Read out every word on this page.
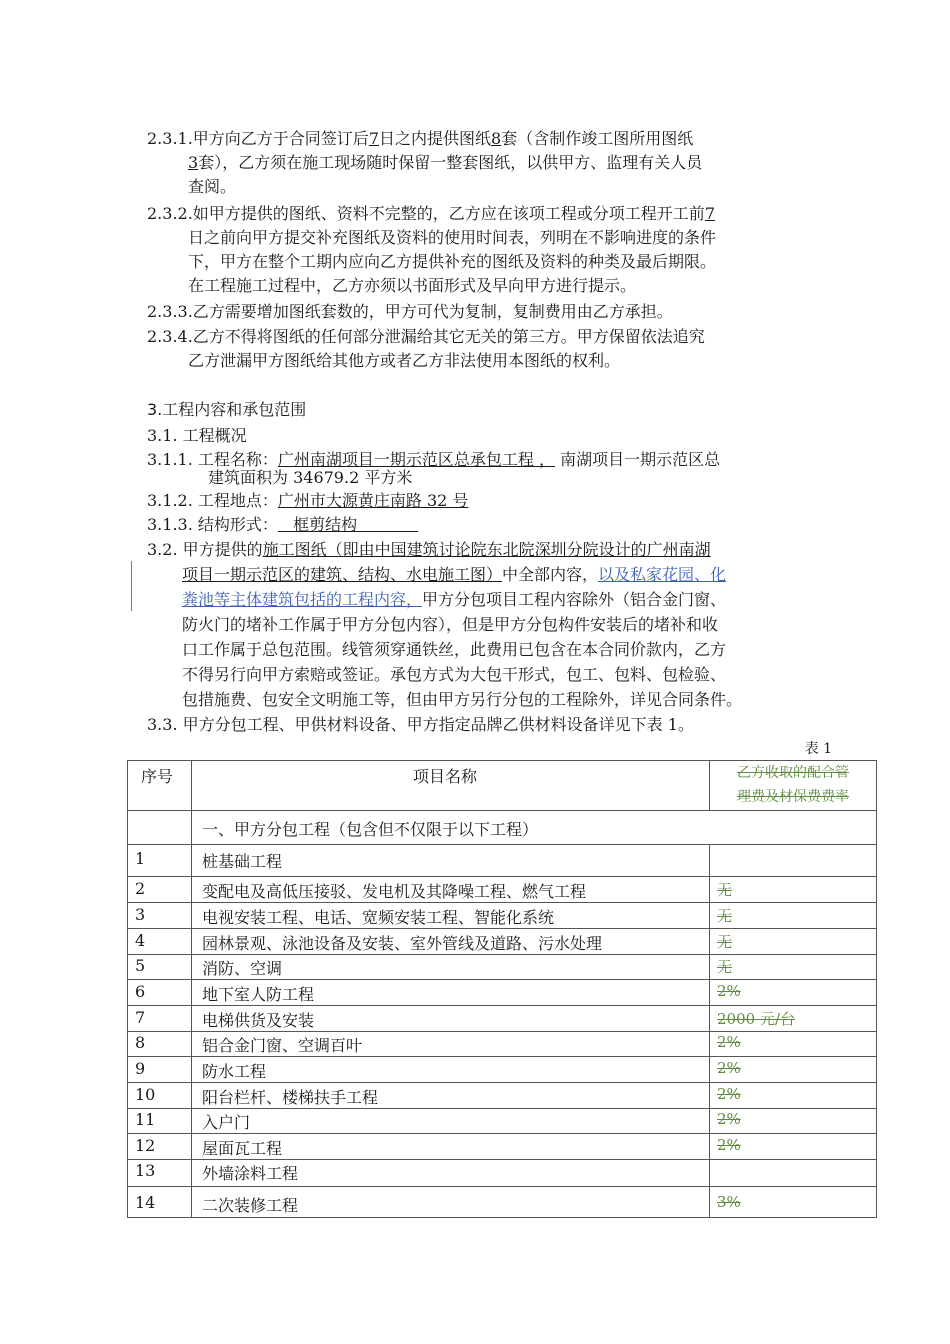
2.3.1.甲方向乙方于合同签订后7日之内提供图纸8套（含制作竣工图所用图纸
3套），乙方须在施工现场随时保留一整套图纸，以供甲方、监理有关人员
查阅。
2.3.2.如甲方提供的图纸、资料不完整的，乙方应在该项工程或分项工程开工前7
日之前向甲方提交补充图纸及资料的使用时间表，列明在不影响进度的条件
下，甲方在整个工期内应向乙方提供补充的图纸及资料的种类及最后期限。
在工程施工过程中，乙方亦须以书面形式及早向甲方进行提示。
2.3.3.乙方需要增加图纸套数的，甲方可代为复制，复制费用由乙方承担。
2.3.4.乙方不得将图纸的任何部分泄漏给其它无关的第三方。甲方保留依法追究
乙方泄漏甲方图纸给其他方或者乙方非法使用本图纸的权利。
3.工程内容和承包范围
3.1. 工程概况
3.1.1. 工程名称：广州南湖项目一期示范区总承包工程 ， 南湖项目一期示范区总
建筑面积为 34679.2 平方米
3.1.2. 工程地点：广州市大源黄庄南路 32 号
3.1.3. 结构形式：   框剪结构
3.2. 甲方提供的施工图纸（即由中国建筑讨论院东北院深圳分院设计的广州南湖
项目一期示范区的建筑、结构、水电施工图）中全部内容，以及私家花园、化
粪池等主体建筑包括的工程内容，甲方分包项目工程内容除外（铝合金门窗、
防火门的堵补工作属于甲方分包内容），但是甲方分包构件安装后的堵补和收
口工作属于总包范围。线管须穿通铁丝，此费用已包含在本合同价款内，乙方
不得另行向甲方索赔或签证。承包方式为大包干形式，包工、包料、包检验、
包措施费、包安全文明施工等，但由甲方另行分包的工程除外，详见合同条件。
3.3. 甲方分包工程、甲供材料设备、甲方指定品牌乙供材料设备详见下表 1。
表 1
序号	项目名称	乙方收取的配合管
理费及材保费费率
一、甲方分包工程（包含但不仅限于以下工程）
1	桩基础工程
2	变配电及高低压接驳、发电机及其降噪工程、燃气工程	无
3	电视安装工程、电话、宽频安装工程、智能化系统	无
4	园林景观、泳池设备及安装、室外管线及道路、污水处理	无
5	消防、空调	无
6	地下室人防工程	2%
7	电梯供货及安装	2000 元/台
8	铝合金门窗、空调百叶	2%
9	防水工程	2%
10	阳台栏杆、楼梯扶手工程	2%
11	入户门	2%
12	屋面瓦工程	2%
13	外墙涂料工程
14	二次装修工程	3%
